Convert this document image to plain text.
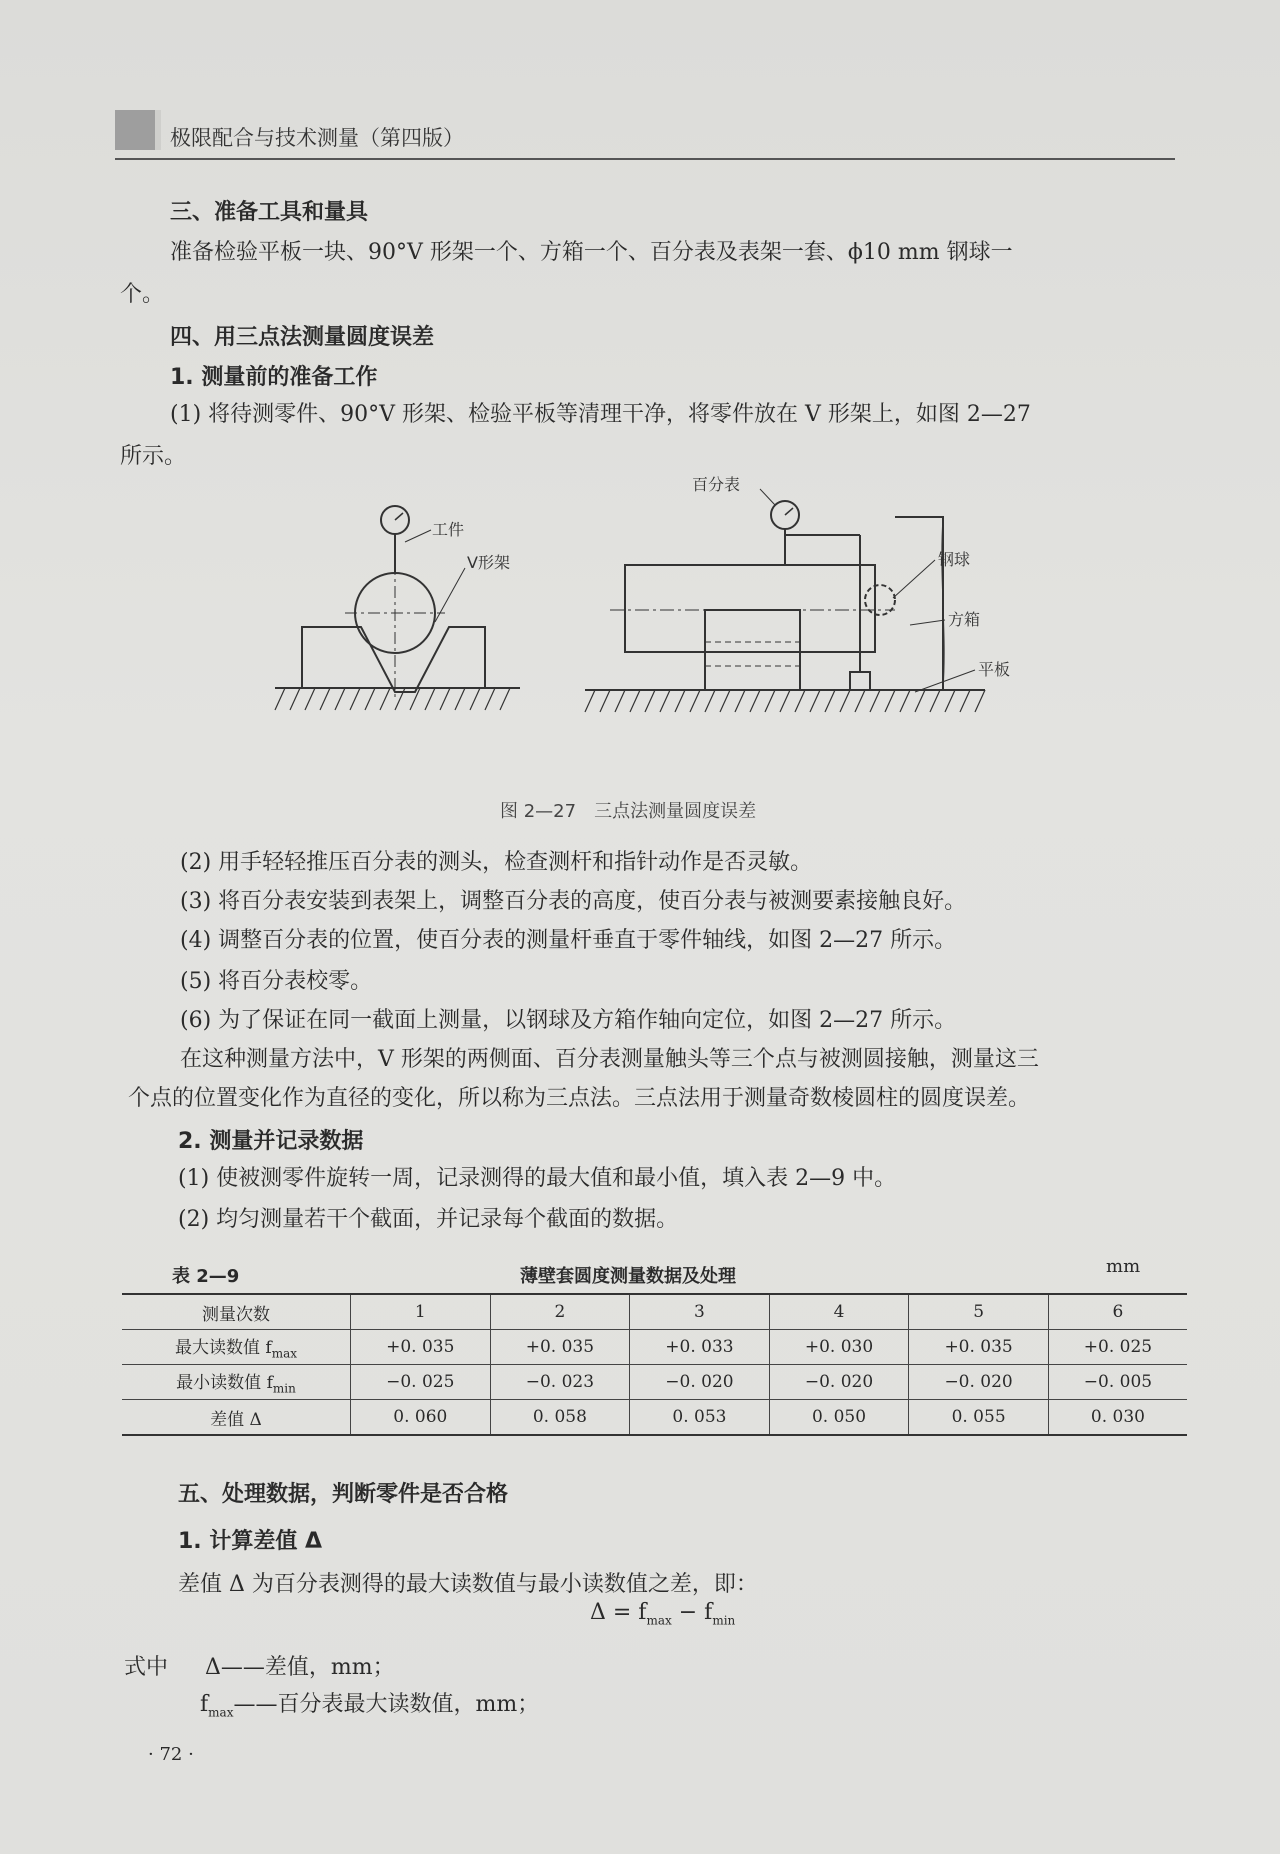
极限配合与技术测量（第四版）
三、准备工具和量具
准备检验平板一块、90°V 形架一个、方箱一个、百分表及表架一套、ϕ10 mm 钢球一
个。
四、用三点法测量圆度误差
1. 测量前的准备工作
(1) 将待测零件、90°V 形架、检验平板等清理干净，将零件放在 V 形架上，如图 2—27
所示。
工件
V形架
百分表
钢球
方箱
平板
图 2—27　三点法测量圆度误差
(2) 用手轻轻推压百分表的测头，检查测杆和指针动作是否灵敏。
(3) 将百分表安装到表架上，调整百分表的高度，使百分表与被测要素接触良好。
(4) 调整百分表的位置，使百分表的测量杆垂直于零件轴线，如图 2—27 所示。
(5) 将百分表校零。
(6) 为了保证在同一截面上测量，以钢球及方箱作轴向定位，如图 2—27 所示。
在这种测量方法中，V 形架的两侧面、百分表测量触头等三个点与被测圆接触，测量这三
个点的位置变化作为直径的变化，所以称为三点法。三点法用于测量奇数棱圆柱的圆度误差。
2. 测量并记录数据
(1) 使被测零件旋转一周，记录测得的最大值和最小值，填入表 2—9 中。
(2) 均匀测量若干个截面，并记录每个截面的数据。
表 2—9	薄壁套圆度测量数据及处理	mm
测量次数	1	2	3	4	5	6
最大读数值 $f_{max}$	+0. 035	+0. 035	+0. 033	+0. 030	+0. 035	+0. 025
最小读数值 $f_{min}$	−0. 025	−0. 023	−0. 020	−0. 020	−0. 020	−0. 005
差值 Δ	0. 060	0. 058	0. 053	0. 050	0. 055	0. 030
五、处理数据，判断零件是否合格
1. 计算差值 Δ
差值 Δ 为百分表测得的最大读数值与最小读数值之差，即：
$\Delta = f_{max} - f_{min}$
式中 Δ——差值，mm；
$f_{max}——$百分表最大读数值，mm；
· 72 ·
